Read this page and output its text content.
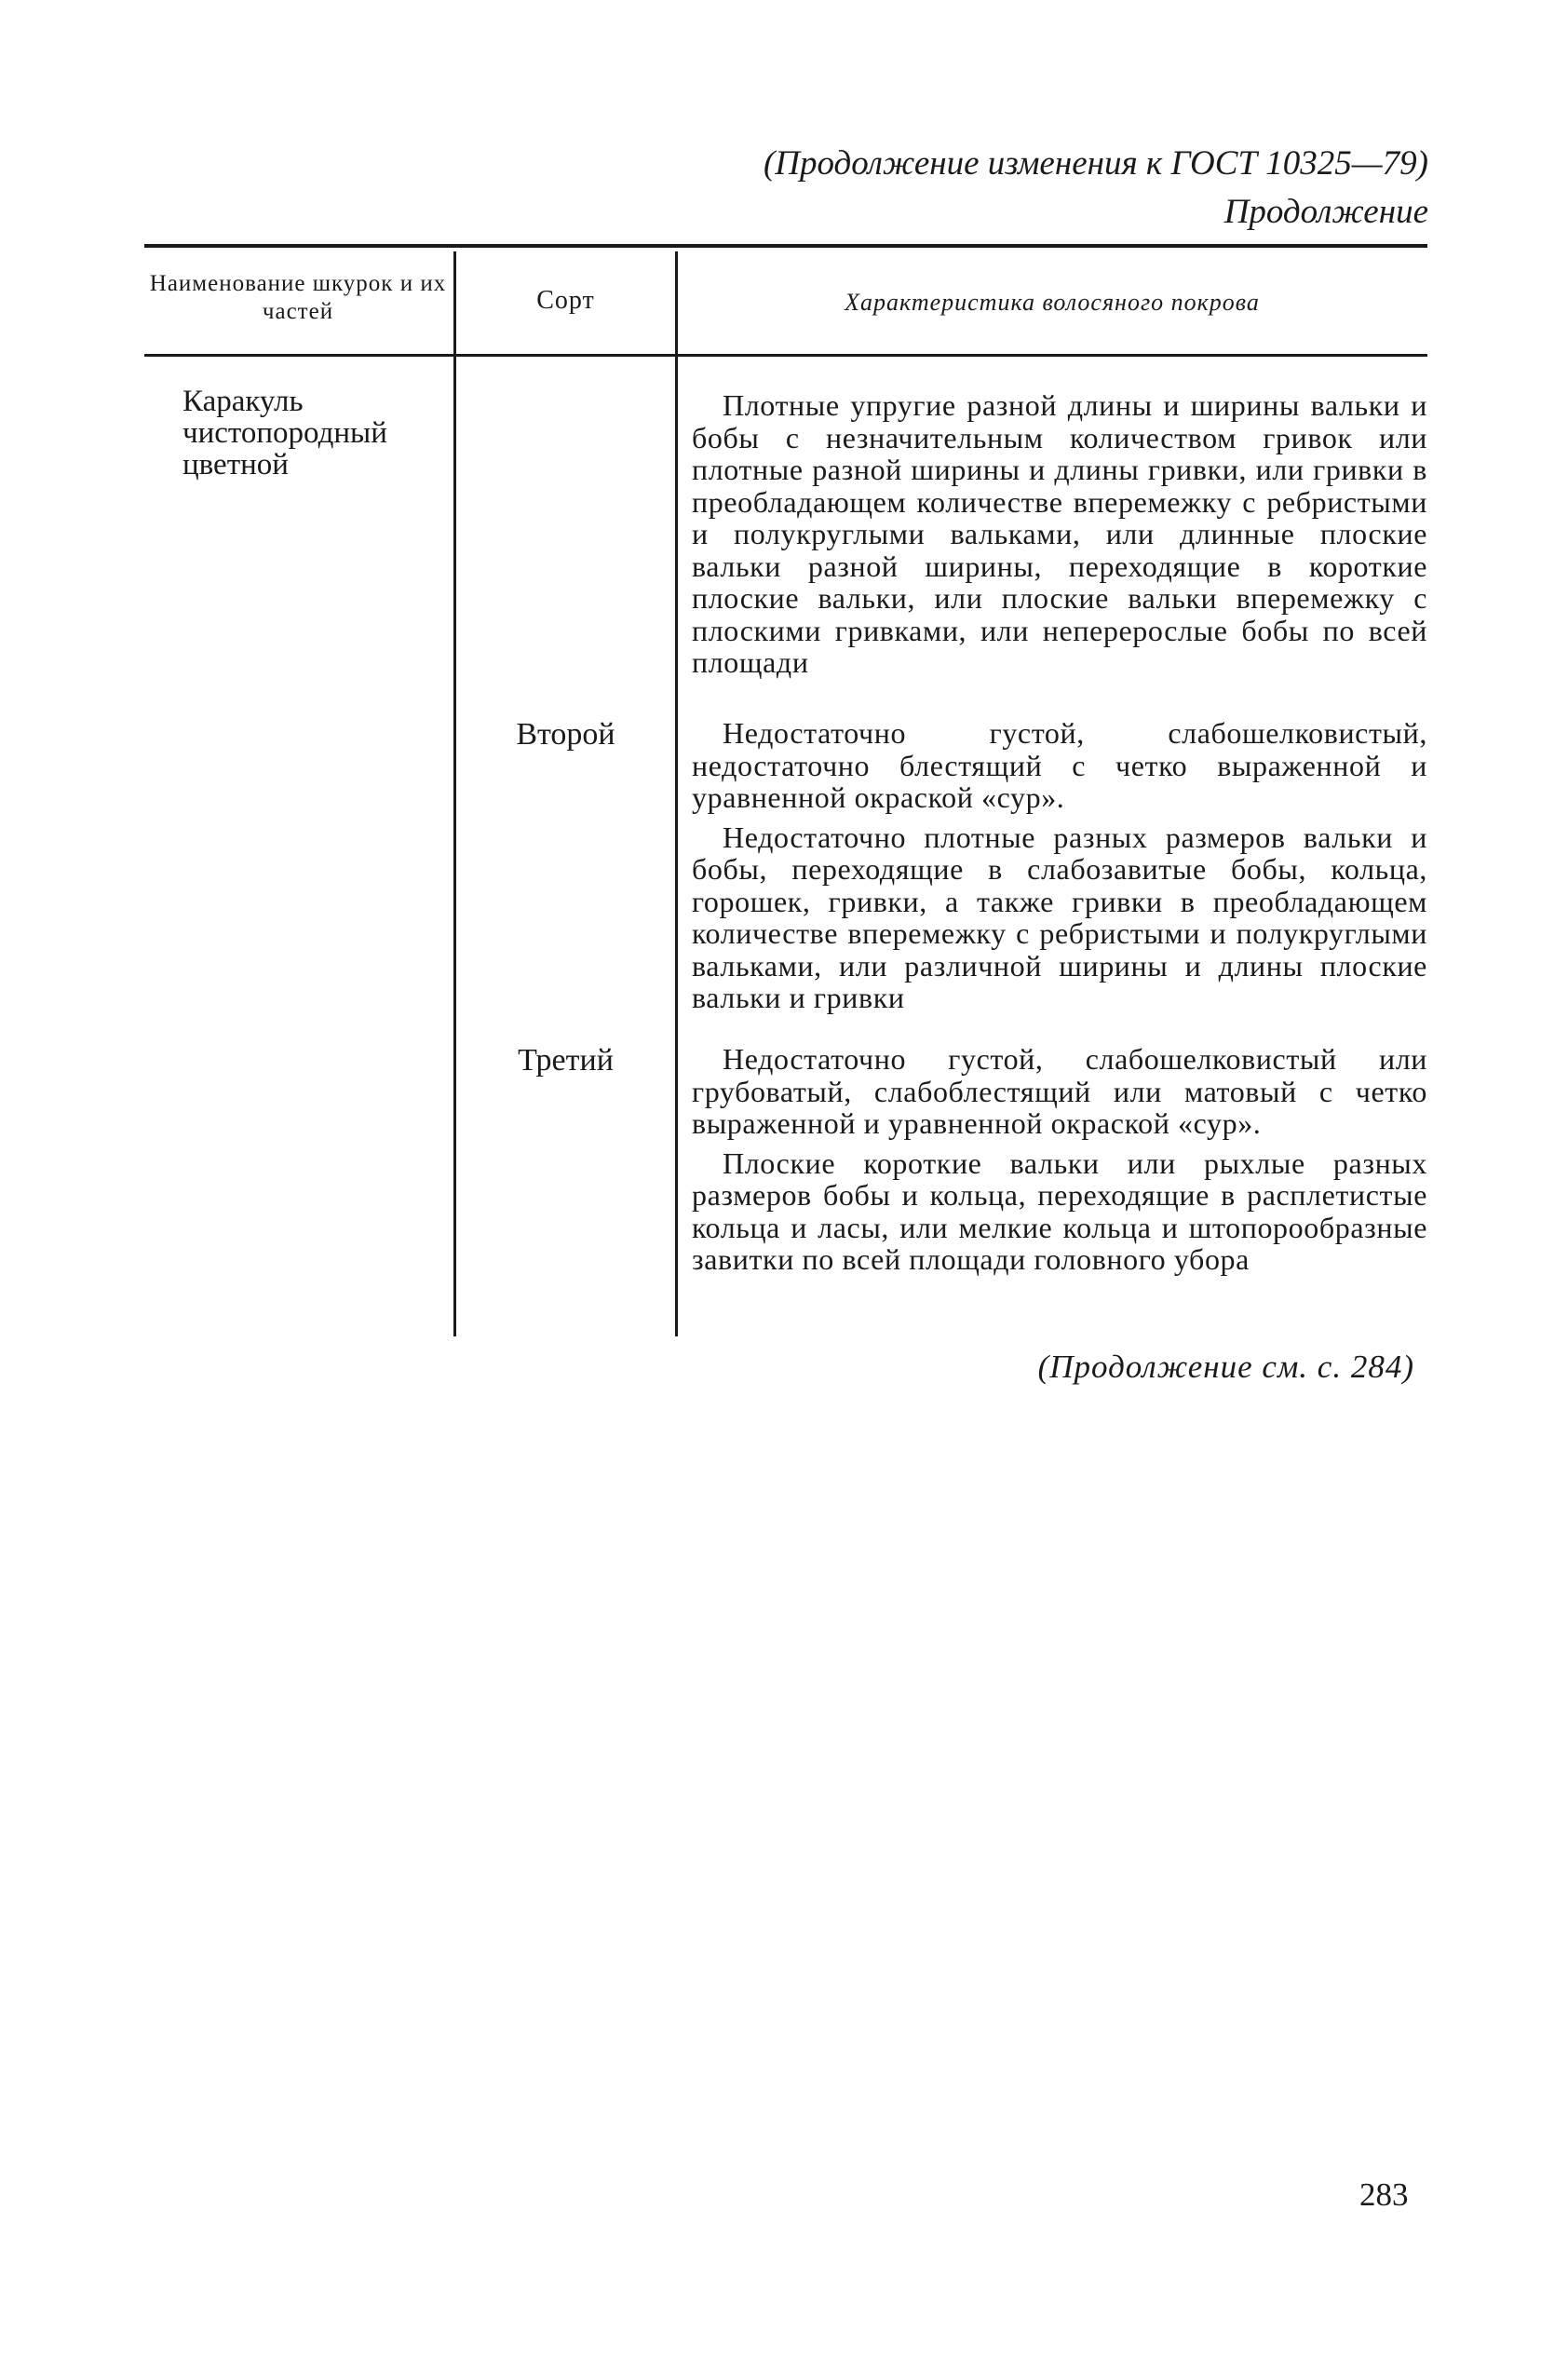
(Продолжение изменения к ГОСТ 10325—79)
Продолжение
Наименование шкурок и их частей	Сорт	Характеристика волосяного покрова
Каракуль чистопородный цветной
Второй
Третий

Плотные упругие разной длины и ширины вальки и бобы с незначительным количеством гривок или плотные разной ширины и длины гривки, или гривки в преобладающем количестве вперемежку с ребристыми и полукруглыми вальками, или длинные плоские вальки разной ширины, переходящие в короткие плоские вальки, или плоские вальки вперемежку с плоскими гривками, или неперерослые бобы по всей площади

Недостаточно густой, слабошелковистый, недостаточно блестящий с четко выраженной и уравненной окраской «сур».

Недостаточно плотные разных размеров вальки и бобы, переходящие в слабозавитые бобы, кольца, горошек, гривки, а также гривки в преобладающем количестве вперемежку с ребристыми и полукруглыми вальками, или различной ширины и длины плоские вальки и гривки

Недостаточно густой, слабошелковистый или грубоватый, слабоблестящий или матовый с четко выраженной и уравненной окраской «сур».

Плоские короткие вальки или рыхлые разных размеров бобы и кольца, переходящие в расплетистые кольца и ласы, или мелкие кольца и штопорообразные завитки по всей площади головного убора

(Продолжение см. с. 284)
283
